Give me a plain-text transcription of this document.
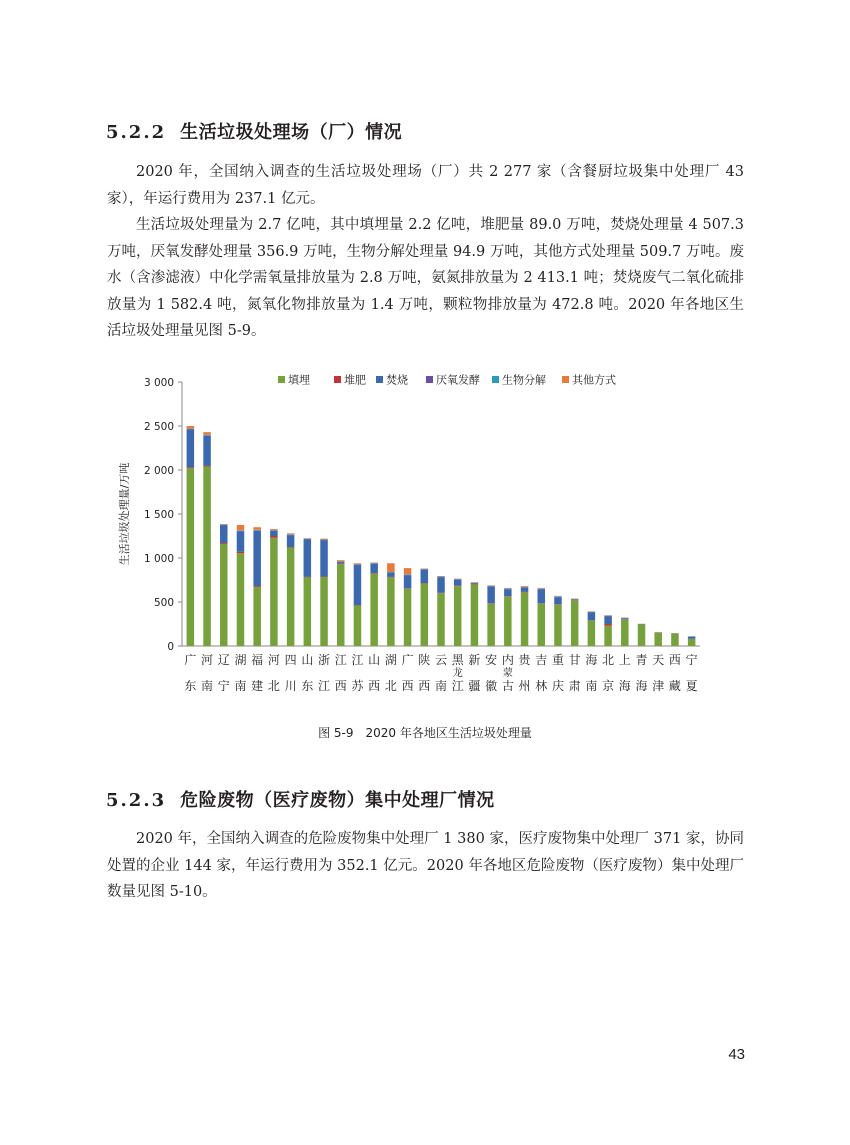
5.2.2 生活垃圾处理场（厂）情况

2020 年，全国纳入调查的生活垃圾处理场（厂）共 2 277 家（含餐厨垃圾集中处理厂 43 家），年运行费用为 237.1 亿元。

生活垃圾处理量为 2.7 亿吨，其中填埋量 2.2 亿吨，堆肥量 89.0 万吨，焚烧处理量 4 507.3 万吨，厌氧发酵处理量 356.9 万吨，生物分解处理量 94.9 万吨，其他方式处理量 509.7 万吨。废水（含渗滤液）中化学需氧量排放量为 2.8 万吨，氨氮排放量为 2 413.1 吨；焚烧废气二氧化硫排放量为 1 582.4 吨，氮氧化物排放量为 1.4 万吨，颗粒物排放量为 472.8 吨。2020 年各地区生活垃圾处理量见图 5-9。

0
500
1 000
1 500
2 000
2 500
3 000
生活垃圾处理量/万吨
广东
河南
辽宁
湖南
福建
河北
四川
山东
浙江
江西
江苏
山西
湖北
广西
陕西
云南
黑龙江
新疆
安徽
内蒙古
贵州
吉林
重庆
甘肃
海南
北京
上海
青海
天津
西藏
宁夏
填埋	堆肥 焚烧	厌氧发酵 生物分解 其他方式

图 5-9 2020 年各地区生活垃圾处理量

5.2.3 危险废物（医疗废物）集中处理厂情况

2020 年，全国纳入调查的危险废物集中处理厂 1 380 家，医疗废物集中处理厂 371 家，协同处置的企业 144 家，年运行费用为 352.1 亿元。2020 年各地区危险废物（医疗废物）集中处理厂数量见图 5-10。

43
